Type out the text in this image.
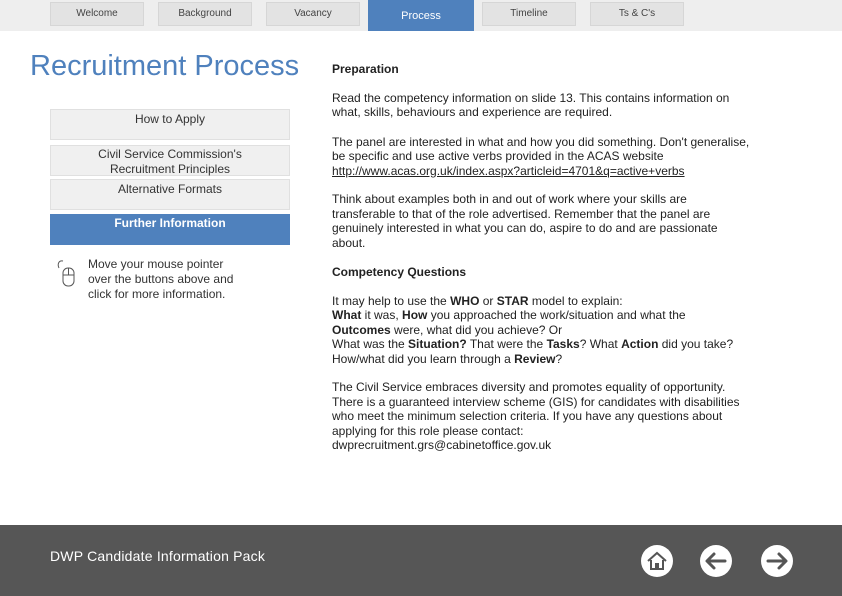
Welcome	Background	Vacancy	Process	Timeline	Ts & C's
Recruitment Process
How to Apply
Civil Service Commission's Recruitment Principles
Alternative Formats
Further Information
Move your mouse pointer over the buttons above and click for more information.

Preparation

Read the competency information on slide 13. This contains information on what, skills, behaviours and experience are required.

The panel are interested in what and how you did something. Don't generalise, be specific and use active verbs provided in the ACAS website http://www.acas.org.uk/index.aspx?articleid=4701&q=active+verbs

Think about examples both in and out of work where your skills are transferable to that of the role advertised. Remember that the panel are genuinely interested in what you can do, aspire to do and are passionate about.

Competency Questions

It may help to use the WHO or STAR model to explain:
What it was, How you approached the work/situation and what the
Outcomes were, what did you achieve? Or
What was the Situation? That were the Tasks? What Action did you take? How/what did you learn through a Review?

The Civil Service embraces diversity and promotes equality of opportunity. There is a guaranteed interview scheme (GIS) for candidates with disabilities who meet the minimum selection criteria. If you have any questions about applying for this role please contact:
dwprecruitment.grs@cabinetoffice.gov.uk

DWP Candidate Information Pack
